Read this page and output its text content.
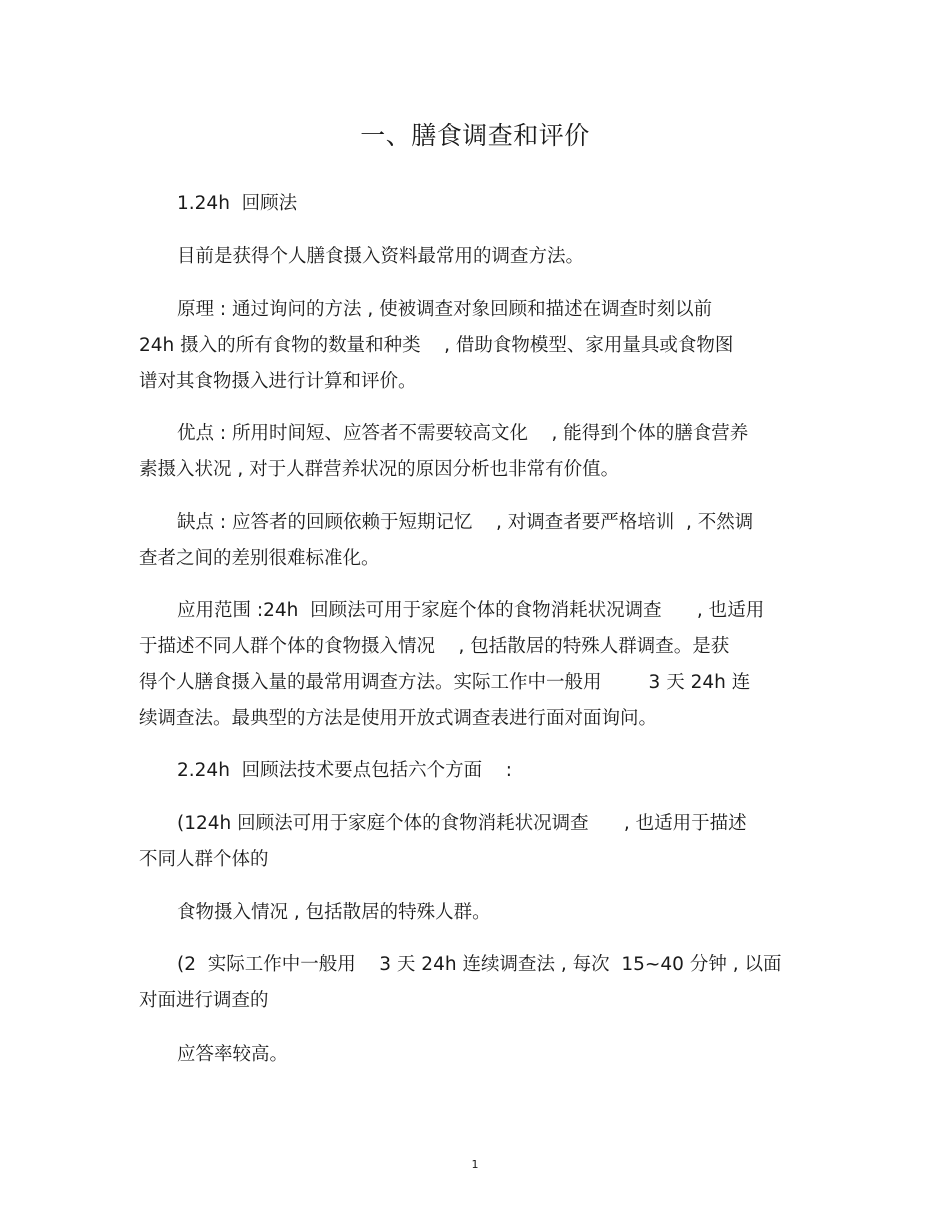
一、膳食调查和评价
1.24h  回顾法
目前是获得个人膳食摄入资料最常用的调查方法。
原理 : 通过询问的方法 , 使被调查对象回顾和描述在调查时刻以前
24h 摄入的所有食物的数量和种类    , 借助食物模型、家用量具或食物图
谱对其食物摄入进行计算和评价。
优点 : 所用时间短、应答者不需要较高文化    , 能得到个体的膳食营养
素摄入状况 , 对于人群营养状况的原因分析也非常有价值。
缺点 : 应答者的回顾依赖于短期记忆    , 对调查者要严格培训  , 不然调
查者之间的差别很难标准化。
应用范围 :24h  回顾法可用于家庭个体的食物消耗状况调查      , 也适用
于描述不同人群个体的食物摄入情况    , 包括散居的特殊人群调查。是获
得个人膳食摄入量的最常用调查方法。实际工作中一般用        3 天 24h 连
续调查法。最典型的方法是使用开放式调查表进行面对面询问。
2.24h  回顾法技术要点包括六个方面    :
(124h 回顾法可用于家庭个体的食物消耗状况调查      , 也适用于描述
不同人群个体的
食物摄入情况 , 包括散居的特殊人群。
(2  实际工作中一般用    3 天 24h 连续调查法 , 每次  15~40 分钟 , 以面
对面进行调查的
应答率较高。
1
